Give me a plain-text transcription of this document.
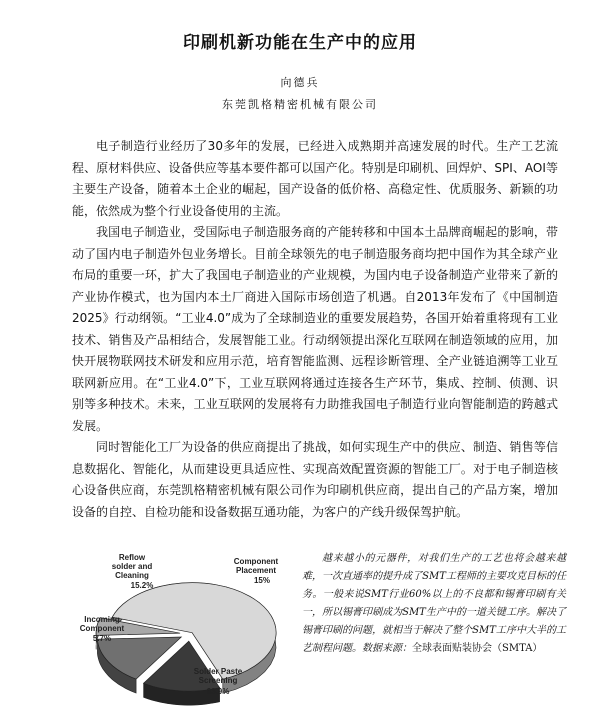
印刷机新功能在生产中的应用
向德兵
东莞凯格精密机械有限公司

电子制造行业经历了30多年的发展，已经进入成熟期并高速发展的时代。生产工艺流程、原材料供应、设备供应等基本要件都可以国产化。特别是印刷机、回焊炉、SPI、AOI等主要生产设备，随着本土企业的崛起，国产设备的低价格、高稳定性、优质服务、新颖的功能，依然成为整个行业设备使用的主流。

我国电子制造业，受国际电子制造服务商的产能转移和中国本土品牌商崛起的影响，带动了国内电子制造外包业务增长。目前全球领先的电子制造服务商均把中国作为其全球产业布局的重要一环，扩大了我国电子制造业的产业规模，为国内电子设备制造产业带来了新的产业协作模式，也为国内本土厂商进入国际市场创造了机遇。自2013年发布了《中国制造2025》行动纲领。“工业4.0”成为了全球制造业的重要发展趋势，各国开始着重将现有工业技术、销售及产品相结合，发展智能工业。行动纲领提出深化互联网在制造领域的应用，加快开展物联网技术研发和应用示范，培育智能监测、远程诊断管理、全产业链追溯等工业互联网新应用。在“工业4.0”下，工业互联网将通过连接各生产环节，集成、控制、侦测、识别等多种技术。未来，工业互联网的发展将有力助推我国电子制造行业向智能制造的跨越式发展。

同时智能化工厂为设备的供应商提出了挑战，如何实现生产中的供应、制造、销售等信息数据化、智能化，从而建设更具适应性、实现高效配置资源的智能工厂。对于电子制造核心设备供应商，东莞凯格精密机械有限公司作为印刷机供应商，提出自己的产品方案，增加设备的自控、自检功能和设备数据互通功能，为客户的产线升级保驾护航。

Reflow
solder and
Cleaning
15.2%
Component
Placement
15%
Incoming
Component
5.7%
Solder Paste
Screening
63.9%

越来越小的元器件，对我们生产的工艺也将会越来越难，一次直通率的提升成了SMT工程师的主要攻克目标的任务。一般来说SMT行业60%以上的不良都和锡膏印刷有关一，所以锡膏印刷成为SMT生产中的一道关键工序。解决了锡膏印刷的问题，就相当于解决了整个SMT工序中大半的工艺制程问题。数据来源：全球表面贴装协会（SMTA）
